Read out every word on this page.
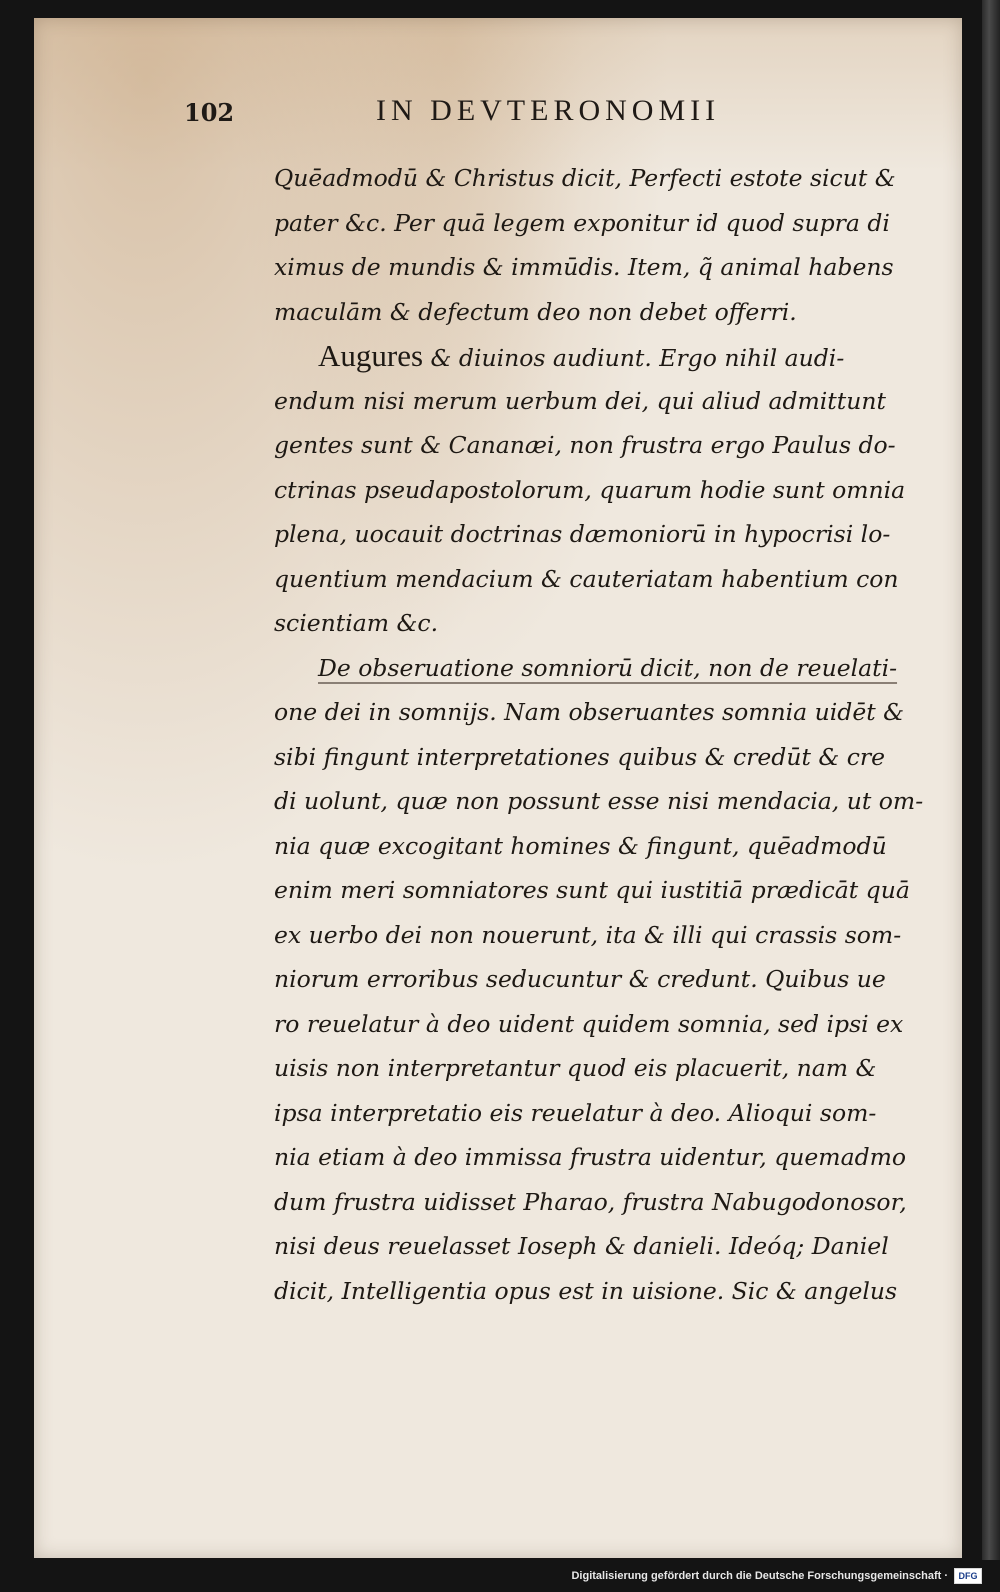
102	IN DEVTERONOMII
Quēadmodū & Christus dicit, Perfecti estote sicut &
pater &c. Per quā legem exponitur id quod supra di
ximus de mundis & immūdis. Item, q̃ animal habens
maculām & defectum deo non debet offerri.
Augures & diuinos audiunt. Ergo nihil audi-
endum nisi merum uerbum dei, qui aliud admittunt
gentes sunt & Cananæi, non frustra ergo Paulus do-
ctrinas pseudapostolorum, quarum hodie sunt omnia
plena, uocauit doctrinas dæmoniorū in hypocrisi lo-
quentium mendacium & cauteriatam habentium con
scientiam &c.
De obseruatione somniorū dicit, non de reuelati-
one dei in somnijs. Nam obseruantes somnia uidēt &
sibi fingunt interpretationes quibus & credūt & cre
di uolunt, quæ non possunt esse nisi mendacia, ut om-
nia quæ excogitant homines & fingunt, quēadmodū
enim meri somniatores sunt qui iustitiā prædicāt quā
ex uerbo dei non nouerunt, ita & illi qui crassis som-
niorum erroribus seducuntur & credunt. Quibus ue
ro reuelatur à deo uident quidem somnia, sed ipsi ex
uisis non interpretantur quod eis placuerit, nam &
ipsa interpretatio eis reuelatur à deo. Alioqui som-
nia etiam à deo immissa frustra uidentur, quemadmo
dum frustra uidisset Pharao, frustra Nabugodonosor,
nisi deus reuelasset Ioseph & danieli. Ideóq; Daniel
dicit, Intelligentia opus est in uisione. Sic & angelus
Digitalisierung gefördert durch die Deutsche Forschungsgemeinschaft ·	DFG
